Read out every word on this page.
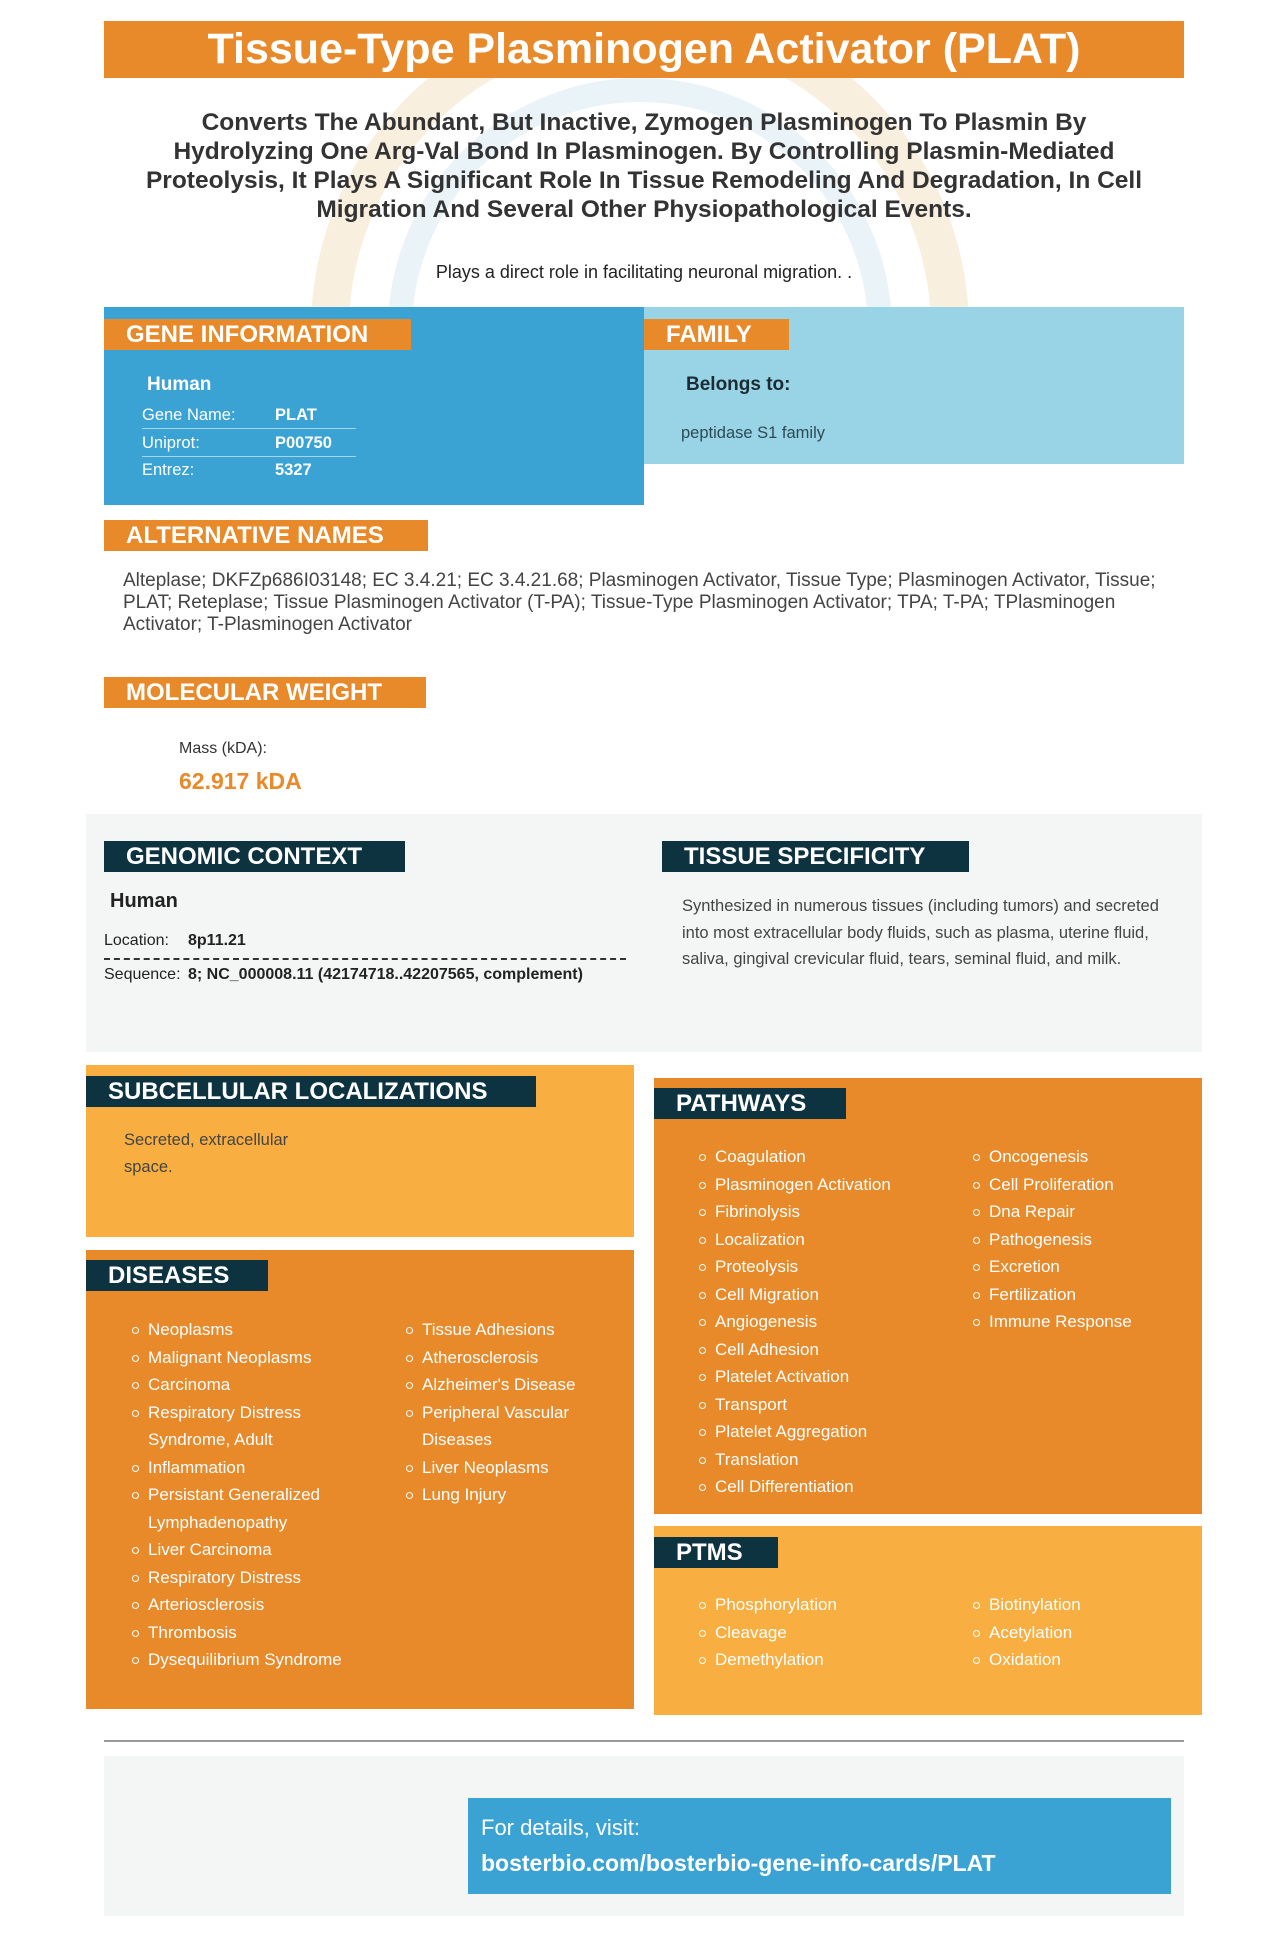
Tissue-Type Plasminogen Activator (PLAT)
Converts The Abundant, But Inactive, Zymogen Plasminogen To Plasmin By Hydrolyzing One Arg-Val Bond In Plasminogen. By Controlling Plasmin-Mediated Proteolysis, It Plays A Significant Role In Tissue Remodeling And Degradation, In Cell Migration And Several Other Physiopathological Events.
Plays a direct role in facilitating neuronal migration. .
GENE INFORMATION
Human
Gene Name: PLAT
Uniprot:	P00750
Entrez:	5327
FAMILY
Belongs to:
peptidase S1 family
ALTERNATIVE NAMES
Alteplase; DKFZp686I03148; EC 3.4.21; EC 3.4.21.68; Plasminogen Activator, Tissue Type; Plasminogen Activator, Tissue; PLAT; Reteplase; Tissue Plasminogen Activator (T-PA); Tissue-Type Plasminogen Activator; TPA; T-PA; TPlasminogen Activator; T-Plasminogen Activator
MOLECULAR WEIGHT
Mass (kDA):
62.917 kDA
GENOMIC CONTEXT
Human
Location: 8p11.21
Sequence: 8; NC_000008.11 (42174718..42207565, complement)
TISSUE SPECIFICITY
Synthesized in numerous tissues (including tumors) and secreted into most extracellular body fluids, such as plasma, uterine fluid, saliva, gingival crevicular fluid, tears, seminal fluid, and milk.
SUBCELLULAR LOCALIZATIONS
Secreted, extracellular space.
DISEASES
Neoplasms
Malignant Neoplasms
Carcinoma
Respiratory Distress Syndrome, Adult
Inflammation
Persistant Generalized Lymphadenopathy
Liver Carcinoma
Respiratory Distress
Arteriosclerosis
Thrombosis
Dysequilibrium Syndrome
Tissue Adhesions
Atherosclerosis
Alzheimer's Disease
Peripheral Vascular Diseases
Liver Neoplasms
Lung Injury
PATHWAYS
Coagulation
Plasminogen Activation
Fibrinolysis
Localization
Proteolysis
Cell Migration
Angiogenesis
Cell Adhesion
Platelet Activation
Transport
Platelet Aggregation
Translation
Cell Differentiation
Oncogenesis
Cell Proliferation
Dna Repair
Pathogenesis
Excretion
Fertilization
Immune Response
PTMS
Phosphorylation
Cleavage
Demethylation
Biotinylation
Acetylation
Oxidation
For details, visit:
bosterbio.com/bosterbio-gene-info-cards/PLAT
